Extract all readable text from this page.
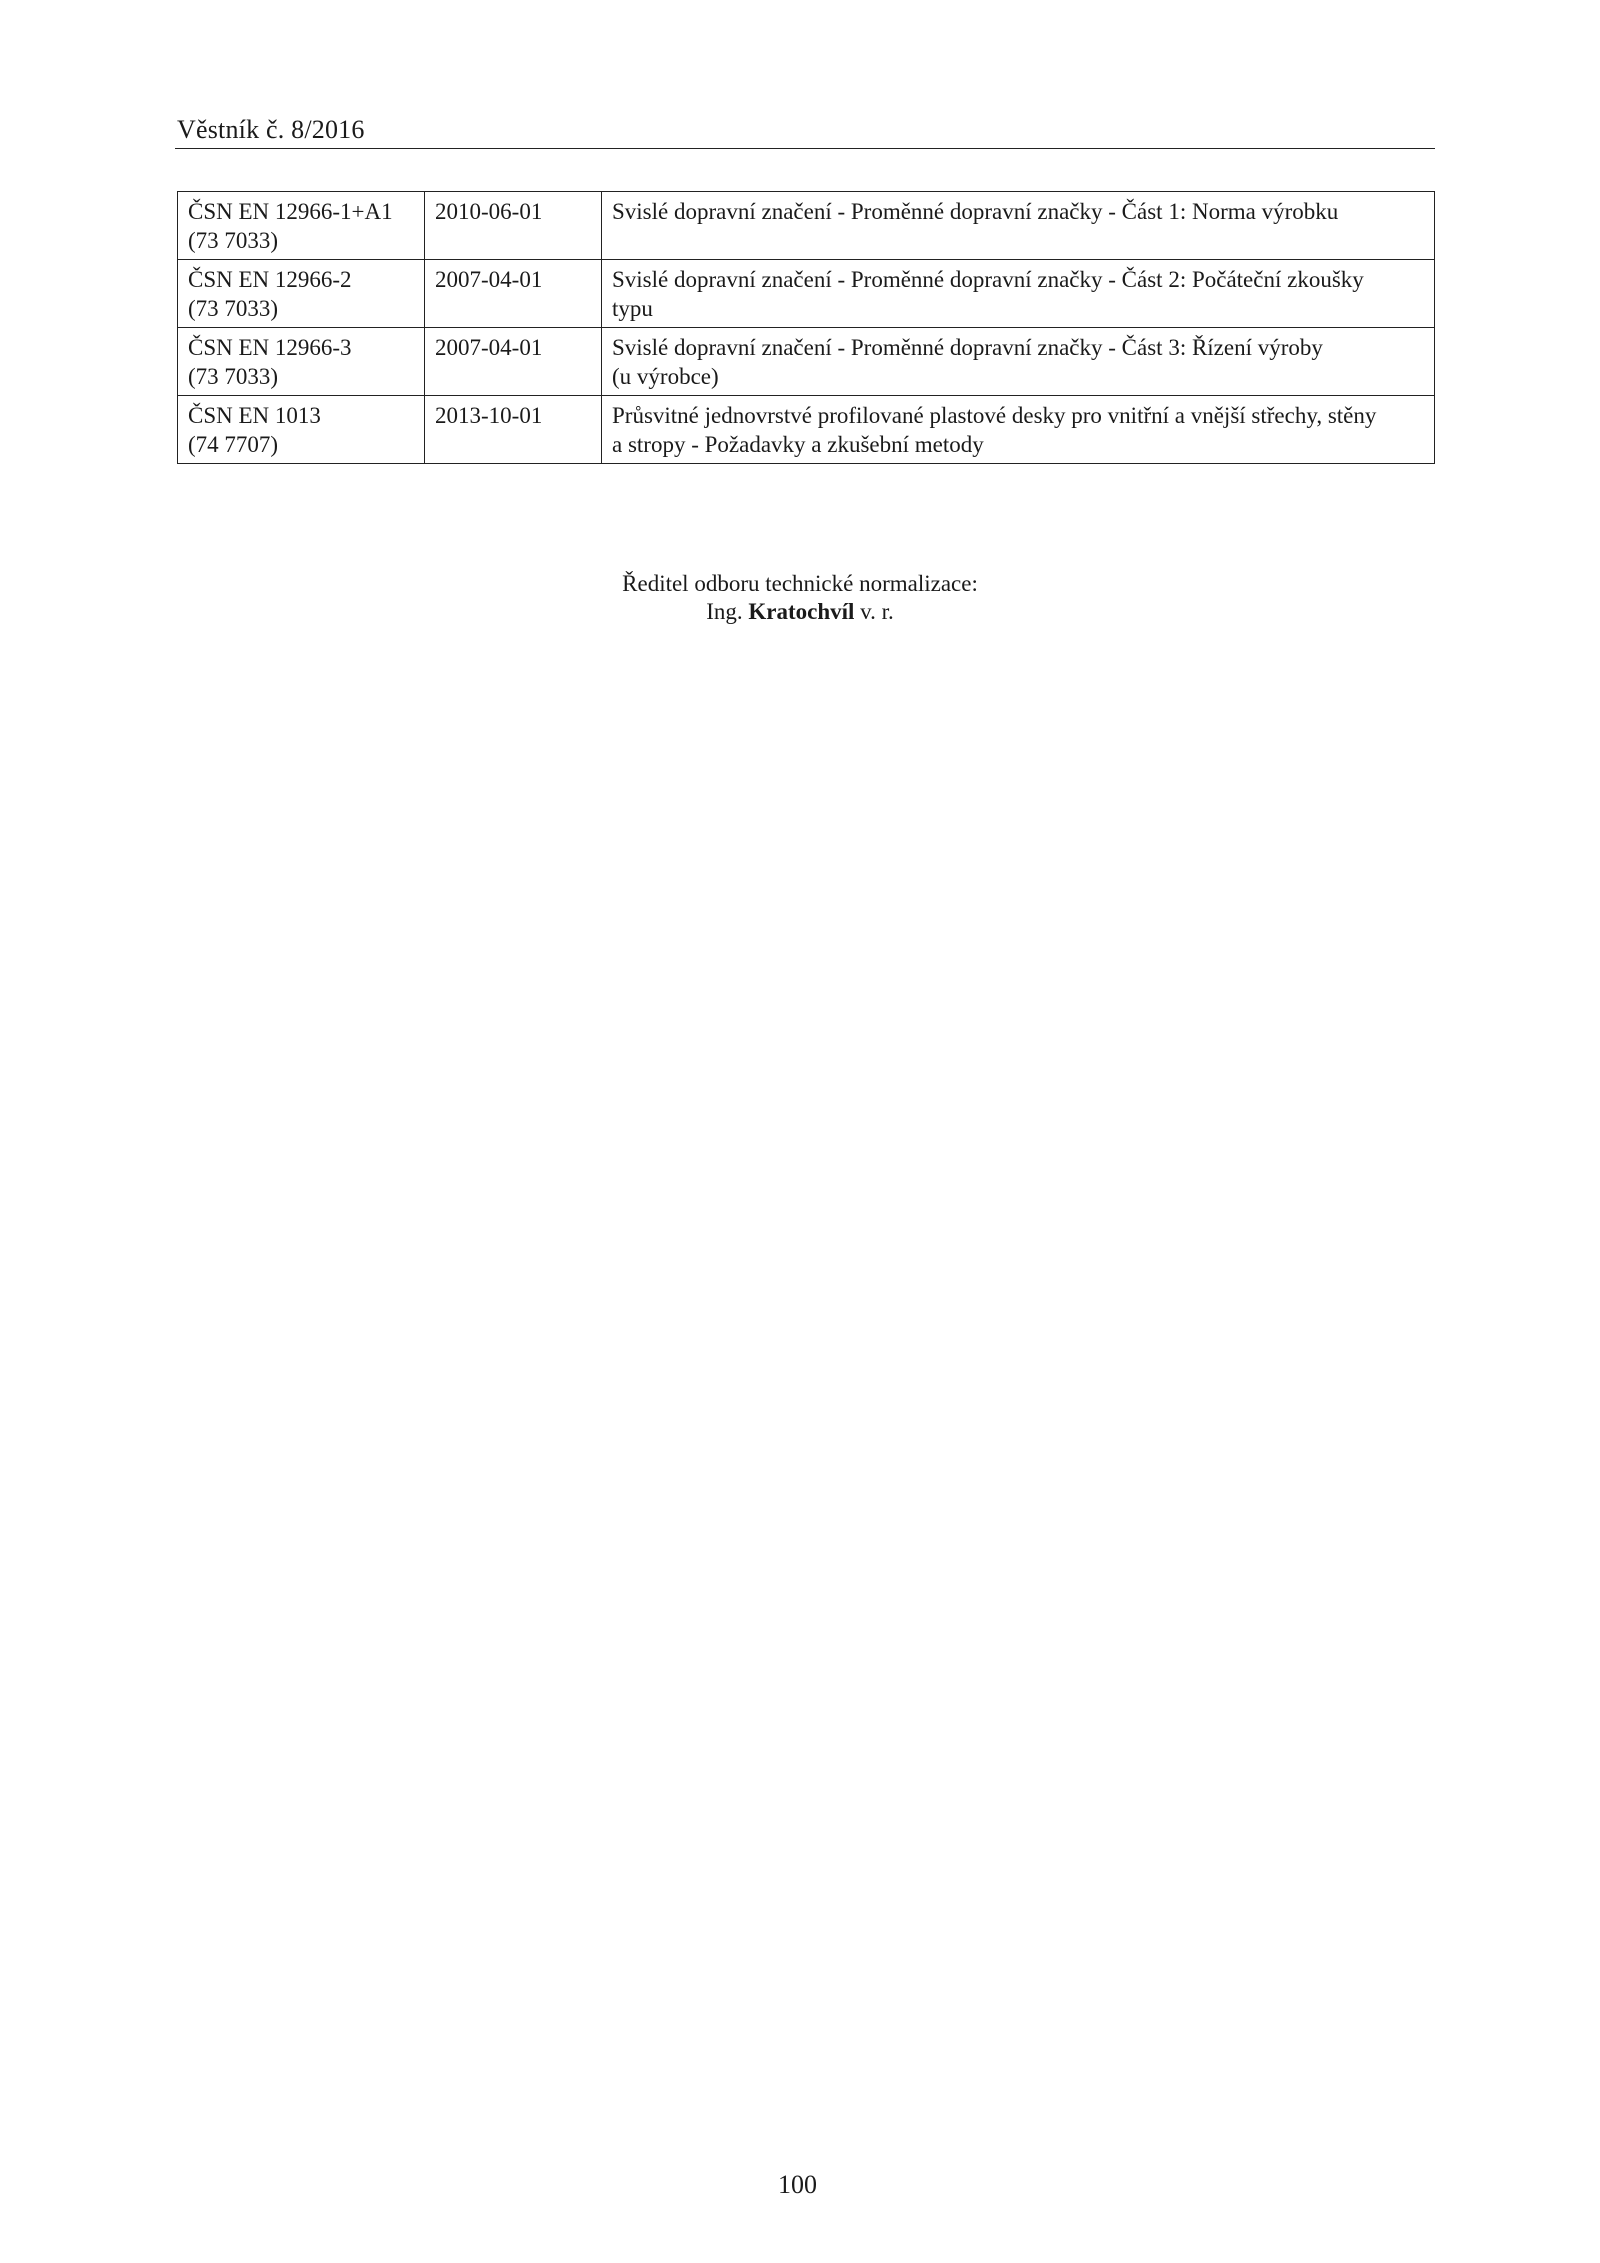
Věstník č. 8/2016
ČSN EN 12966-1+A1
(73 7033)	2010-06-01	Svislé dopravní značení - Proměnné dopravní značky - Část 1: Norma výrobku

ČSN EN 12966-2
(73 7033)	2007-04-01	Svislé dopravní značení - Proměnné dopravní značky - Část 2: Počáteční zkoušky
typu

ČSN EN 12966-3
(73 7033)	2007-04-01	Svislé dopravní značení - Proměnné dopravní značky - Část 3: Řízení výroby
(u výrobce)

ČSN EN 1013
(74 7707)	2013-10-01	Průsvitné jednovrstvé profilované plastové desky pro vnitřní a vnější střechy, stěny
a stropy - Požadavky a zkušební metody
Ředitel odboru technické normalizace:
Ing. Kratochvíl v. r.
100
